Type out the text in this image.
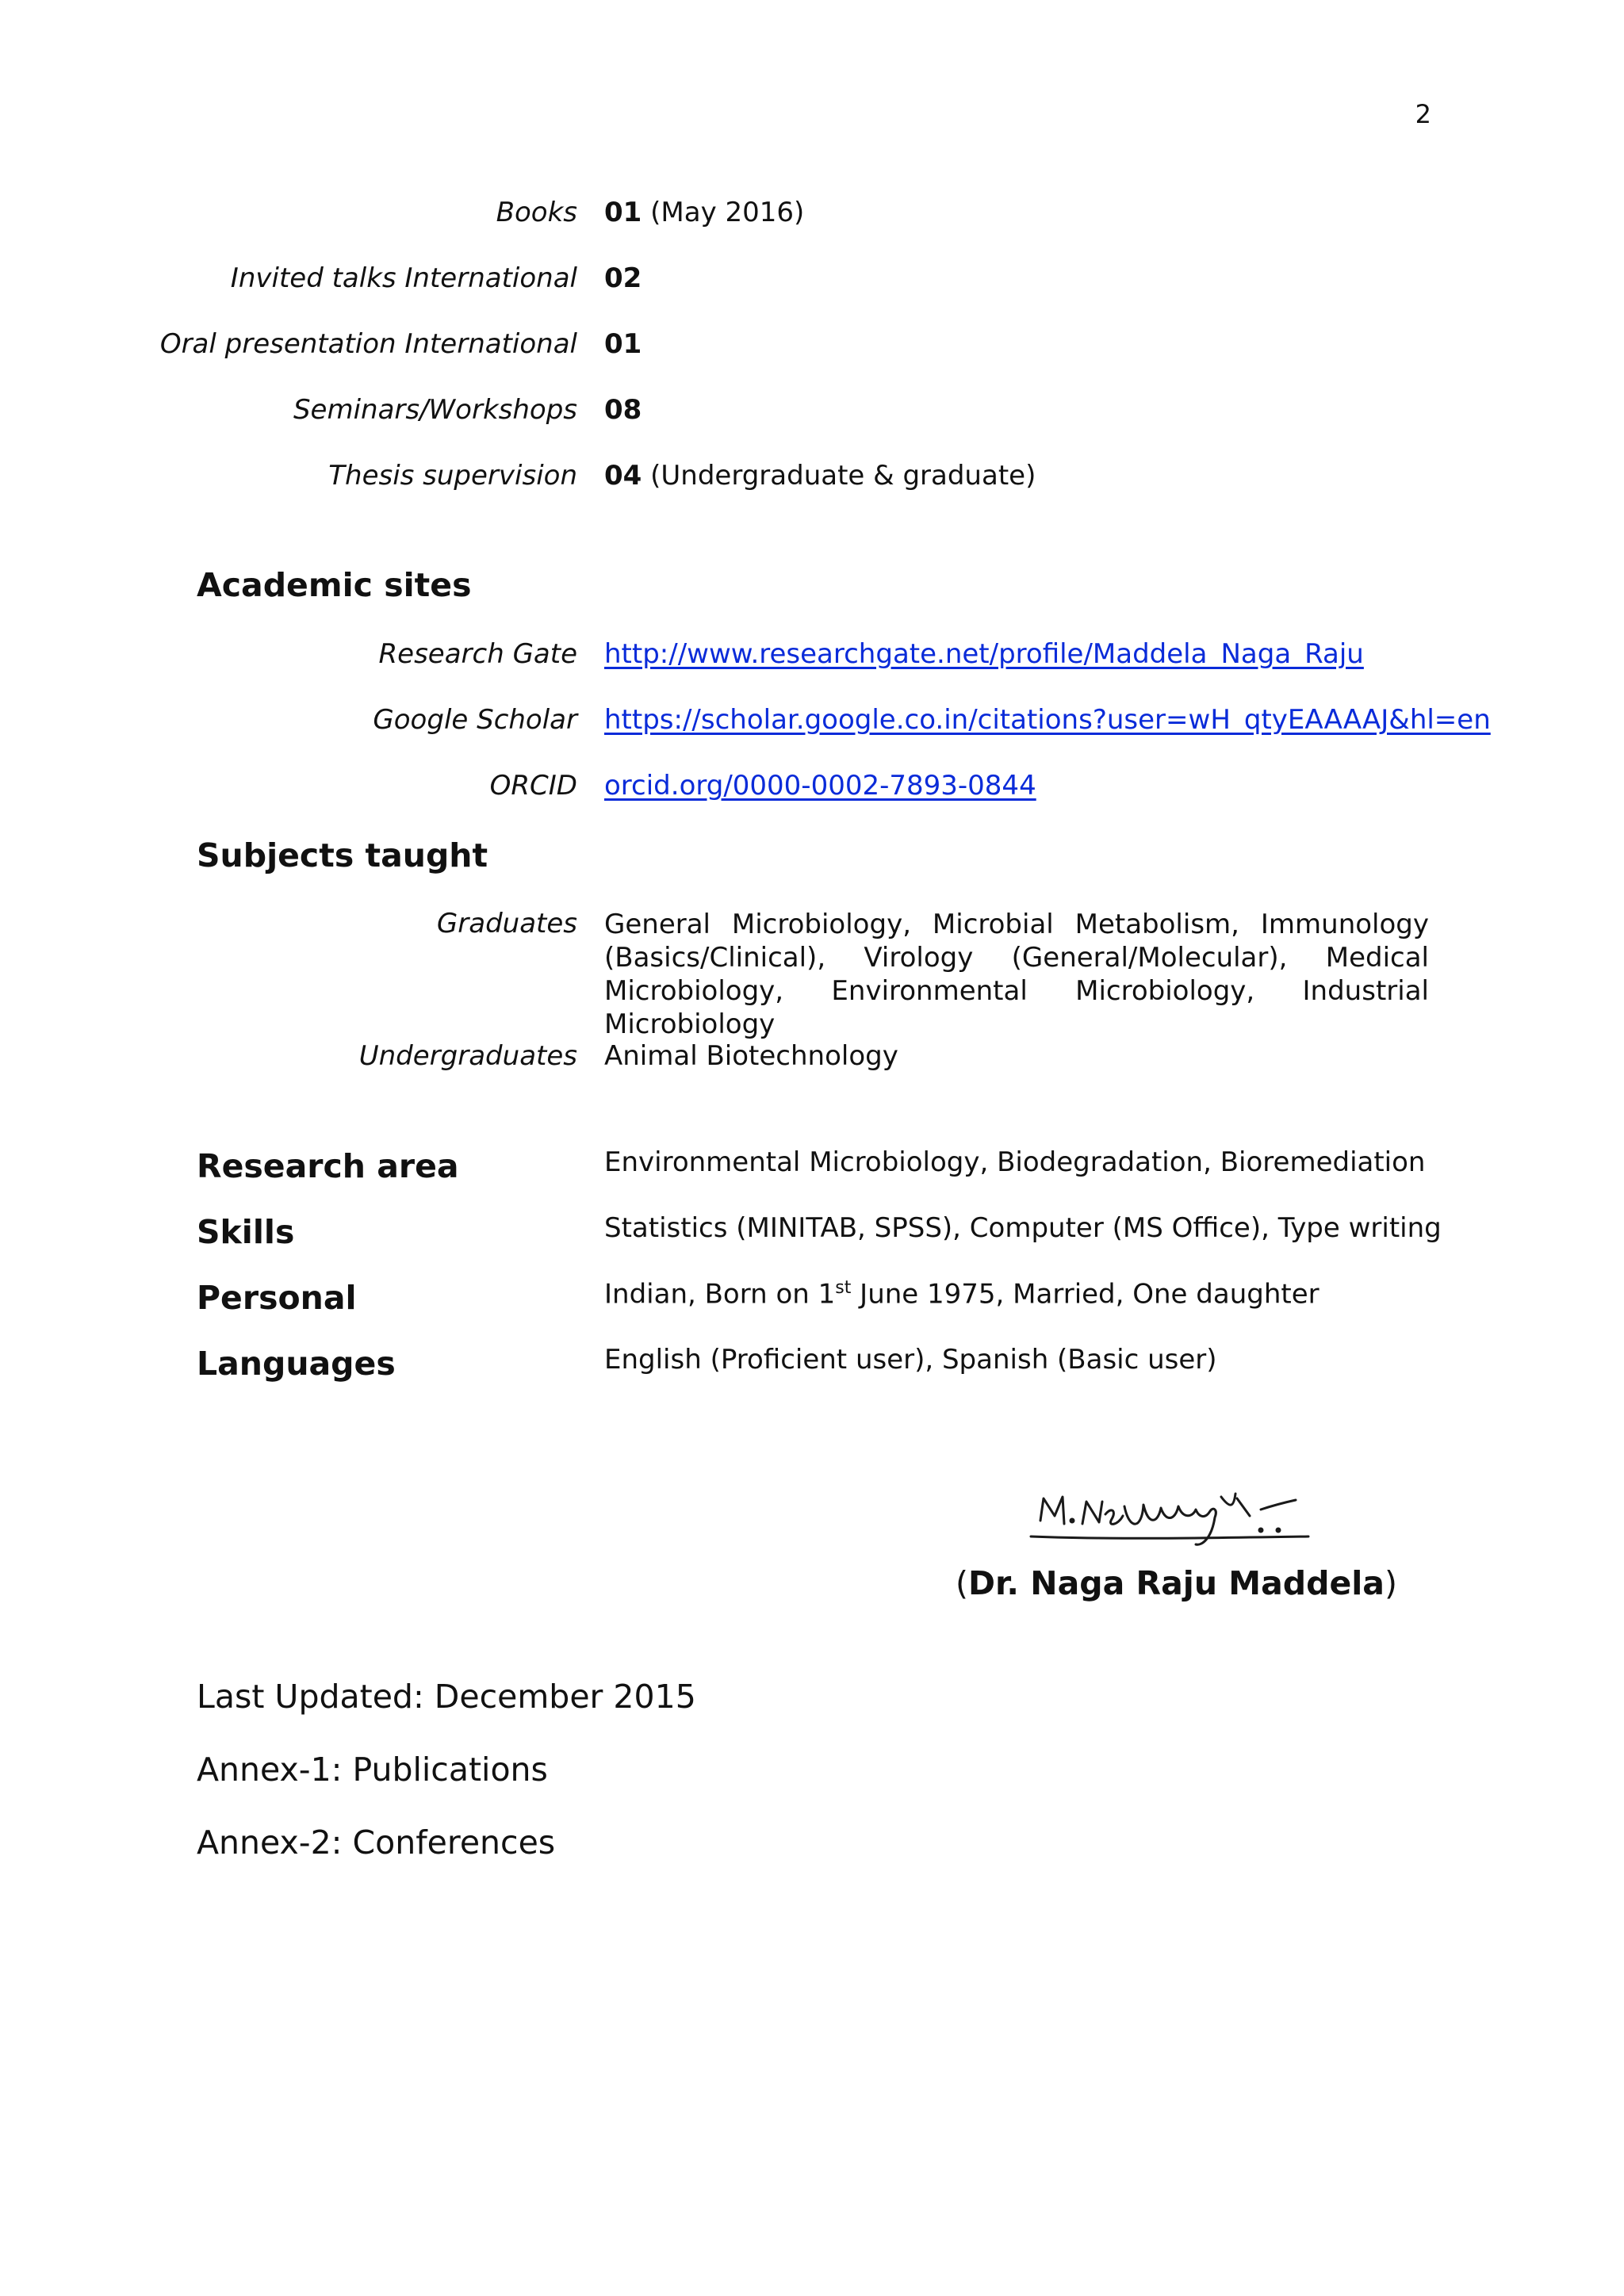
2
Books 01 (May 2016)
Invited talks International 02
Oral presentation International 01
Seminars/Workshops 08
Thesis supervision 04 (Undergraduate & graduate)
Academic sites
Research Gate http://www.researchgate.net/profile/Maddela_Naga_Raju
Google Scholar https://scholar.google.co.in/citations?user=wH_qtyEAAAAJ&hl=en
ORCID orcid.org/0000-0002-7893-0844
Subjects taught
Graduates General Microbiology, Microbial Metabolism, Immunology (Basics/Clinical), Virology (General/Molecular), Medical Microbiology, Environmental Microbiology, Industrial Microbiology
Undergraduates Animal Biotechnology
Research area	Environmental Microbiology, Biodegradation, Bioremediation
Skills	Statistics (MINITAB, SPSS), Computer (MS Office), Type writing
Personal	Indian, Born on 1st June 1975, Married, One daughter
Languages	English (Proficient user), Spanish (Basic user)
(Dr. Naga Raju Maddela)
Last Updated: December 2015
Annex-1: Publications
Annex-2: Conferences
